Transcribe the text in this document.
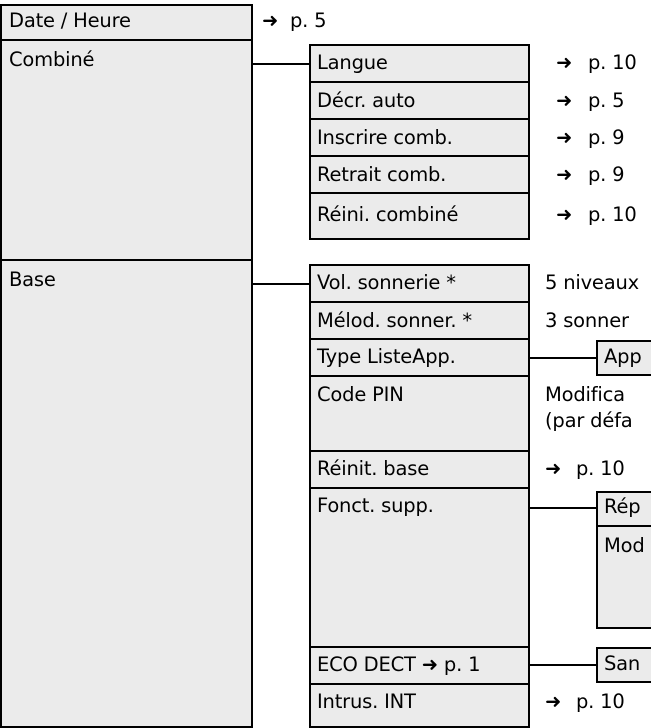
Date / Heure	➜ p. 5
Combiné
Base
Langue	➜ p. 10
Décr. auto	➜ p. 5
Inscrire comb.	➜ p. 9
Retrait comb.	➜ p. 9
Réini. combiné	➜ p. 10
Vol. sonnerie *	5 niveaux
Mélod. sonner. *	3 sonner
Type ListeApp.	App
Code PIN	Modifica
(par défa
Réinit. base	➜ p. 10
Fonct. supp.	Rép
Mod
ECO DECT ➜ p. 1	San
Intrus. INT	➜ p. 10
